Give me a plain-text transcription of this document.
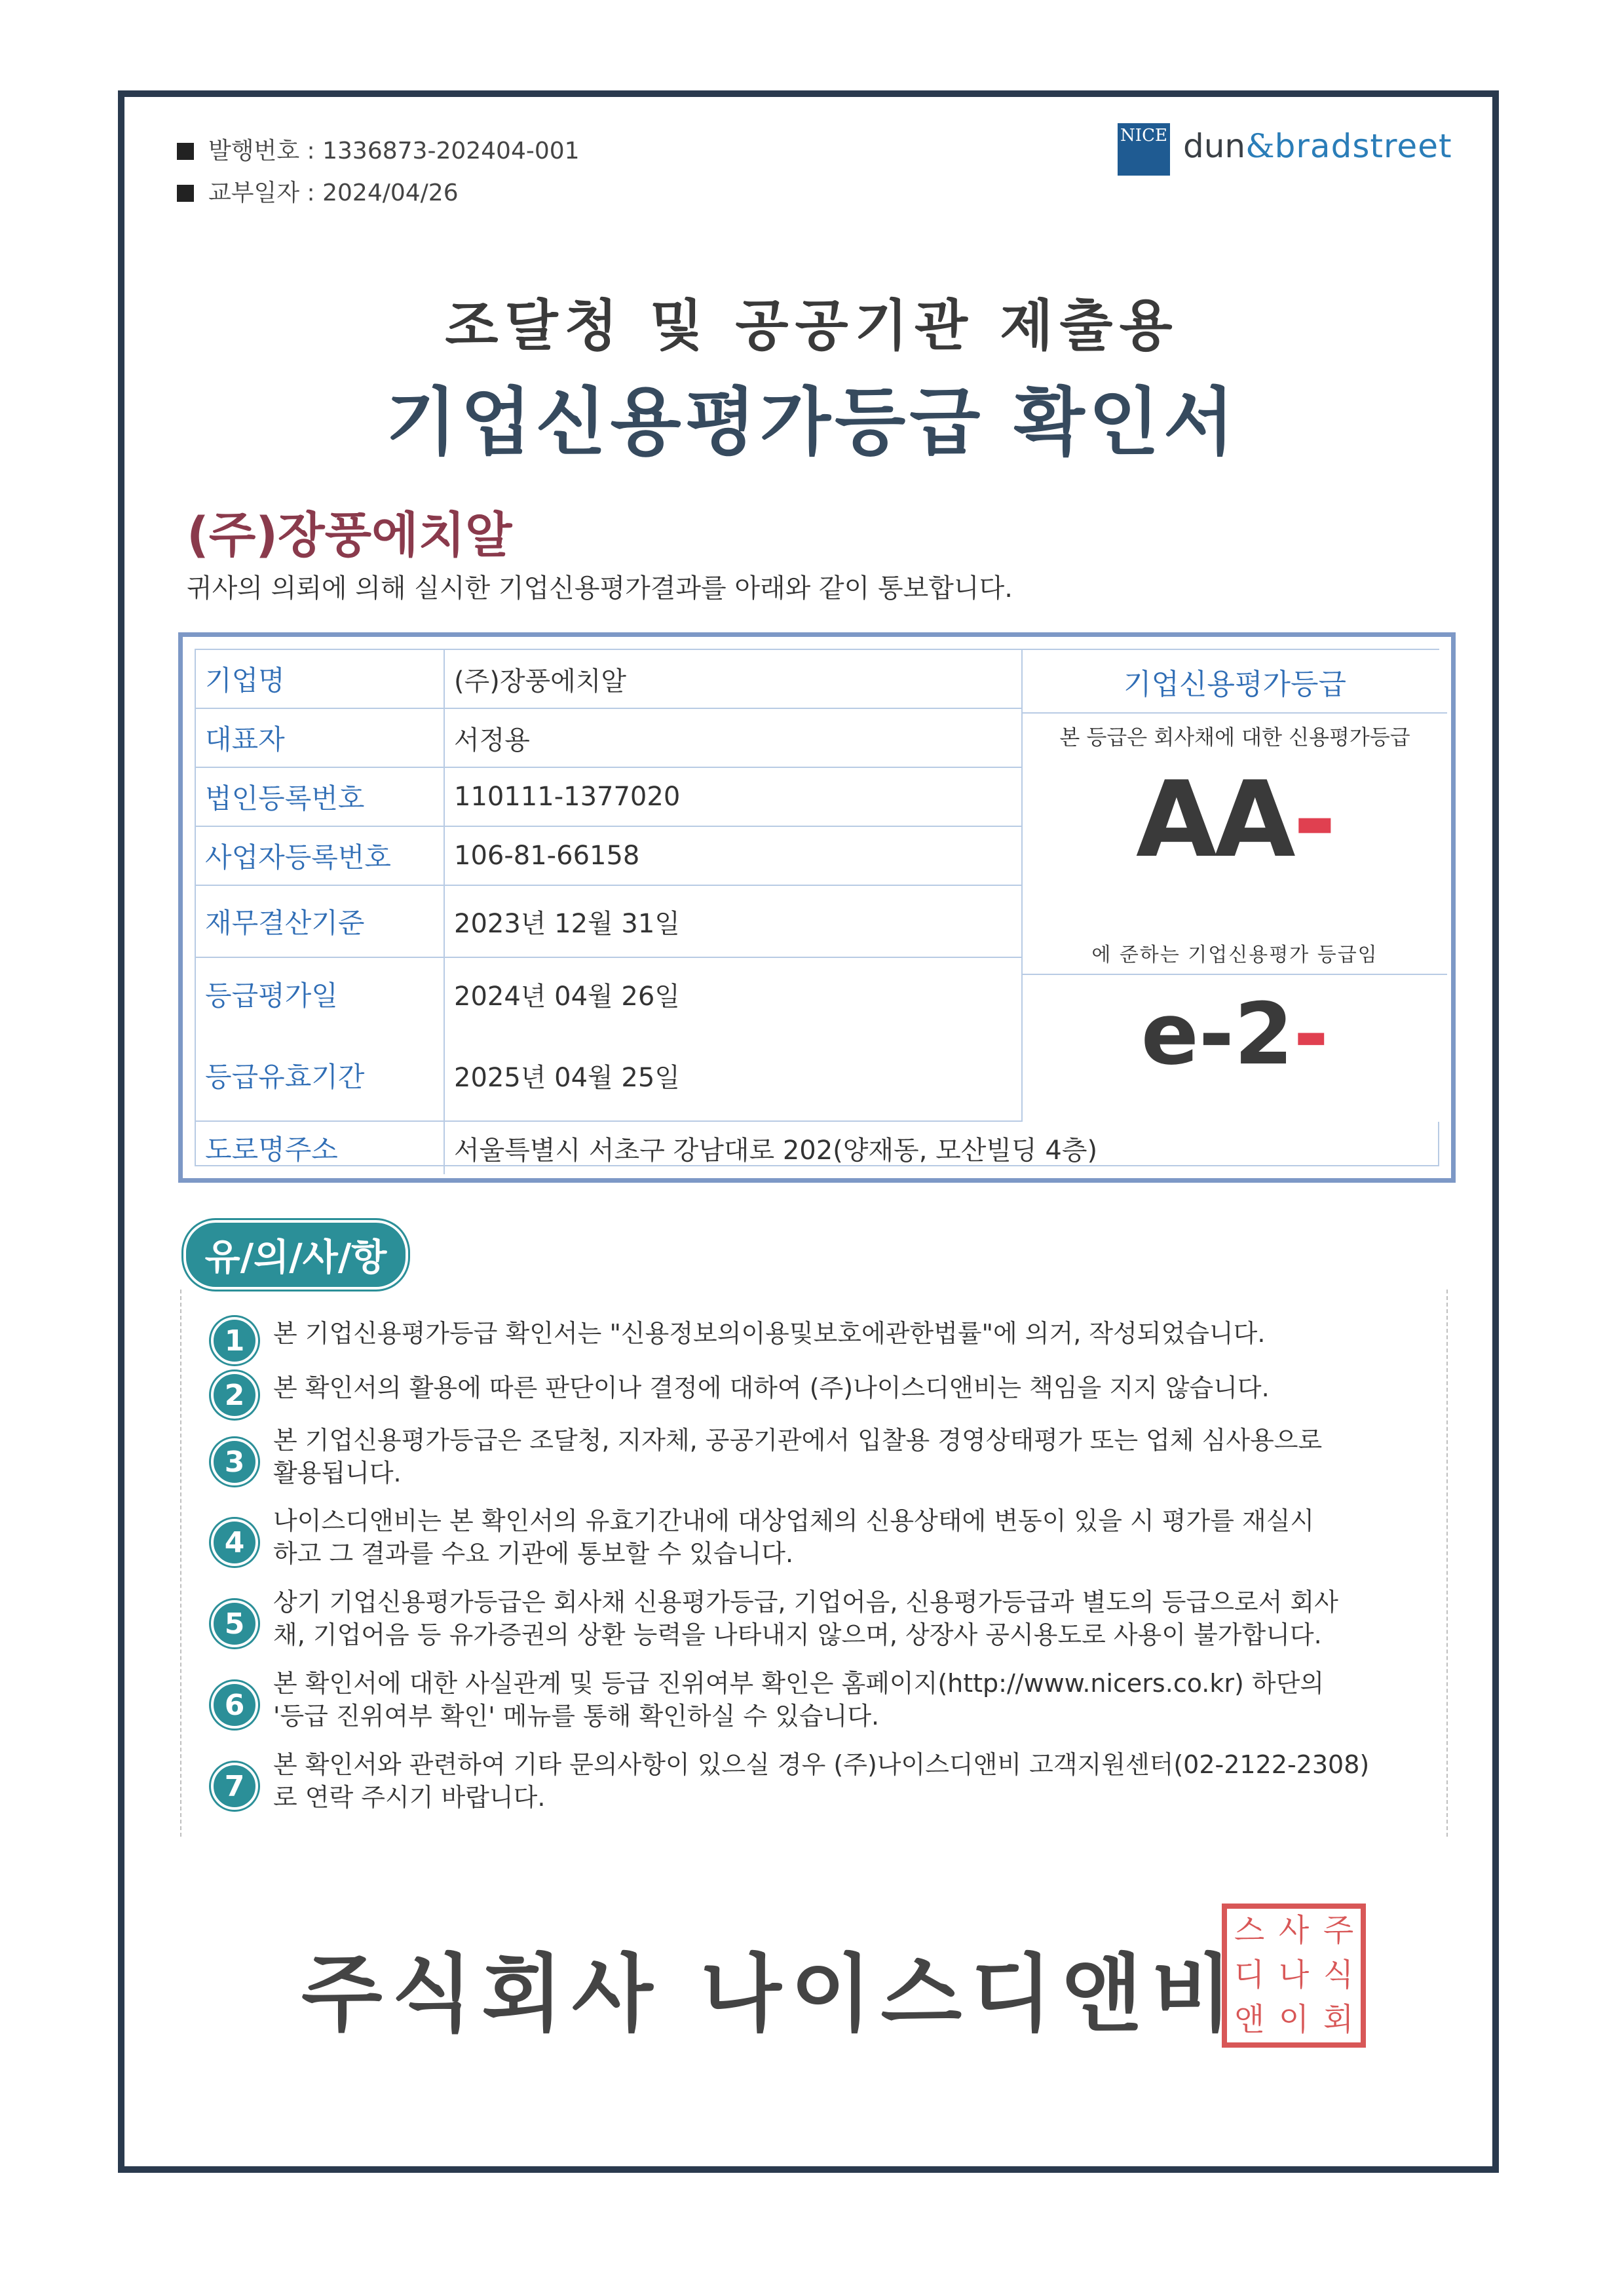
발행번호 : 1336873-202404-001
교부일자 : 2024/04/26
NICE dun&bradstreet
조달청 및 공공기관 제출용
기업신용평가등급 확인서
(주)장풍에치알
귀사의 의뢰에 의해 실시한 기업신용평가결과를 아래와 같이 통보합니다.
기업명	(주)장풍에치알
대표자	서정용
법인등록번호	110111-1377020
사업자등록번호	106-81-66158
재무결산기준	2023년 12월 31일
등급평가일	2024년 04월 26일
등급유효기간	2025년 04월 25일
도로명주소	서울특별시 서초구 강남대로 202(양재동, 모산빌딩 4층)
기업신용평가등급
본 등급은 회사채에 대한 신용평가등급
AA-
에 준하는 기업신용평가 등급임
e-2-
유/의/사/항
1	본 기업신용평가등급 확인서는 "신용정보의이용및보호에관한법률"에 의거, 작성되었습니다.
2	본 확인서의 활용에 따른 판단이나 결정에 대하여 (주)나이스디앤비는 책임을 지지 않습니다.
3
본 기업신용평가등급은 조달청, 지자체, 공공기관에서 입찰용 경영상태평가 또는 업체 심사용으로
활용됩니다.
4
나이스디앤비는 본 확인서의 유효기간내에 대상업체의 신용상태에 변동이 있을 시 평가를 재실시
하고 그 결과를 수요 기관에 통보할 수 있습니다.
5
상기 기업신용평가등급은 회사채 신용평가등급, 기업어음, 신용평가등급과 별도의 등급으로서 회사
채, 기업어음 등 유가증권의 상환 능력을 나타내지 않으며, 상장사 공시용도로 사용이 불가합니다.
6
본 확인서에 대한 사실관계 및 등급 진위여부 확인은 홈페이지(http://www.nicers.co.kr) 하단의
'등급 진위여부 확인' 메뉴를 통해 확인하실 수 있습니다.
7
본 확인서와 관련하여 기타 문의사항이 있으실 경우 (주)나이스디앤비 고객지원센터(02-2122-2308)
로 연락 주시기 바랍니다.
주식회사 나이스디앤비
스 사 주
디 나 식
앤 이 회
